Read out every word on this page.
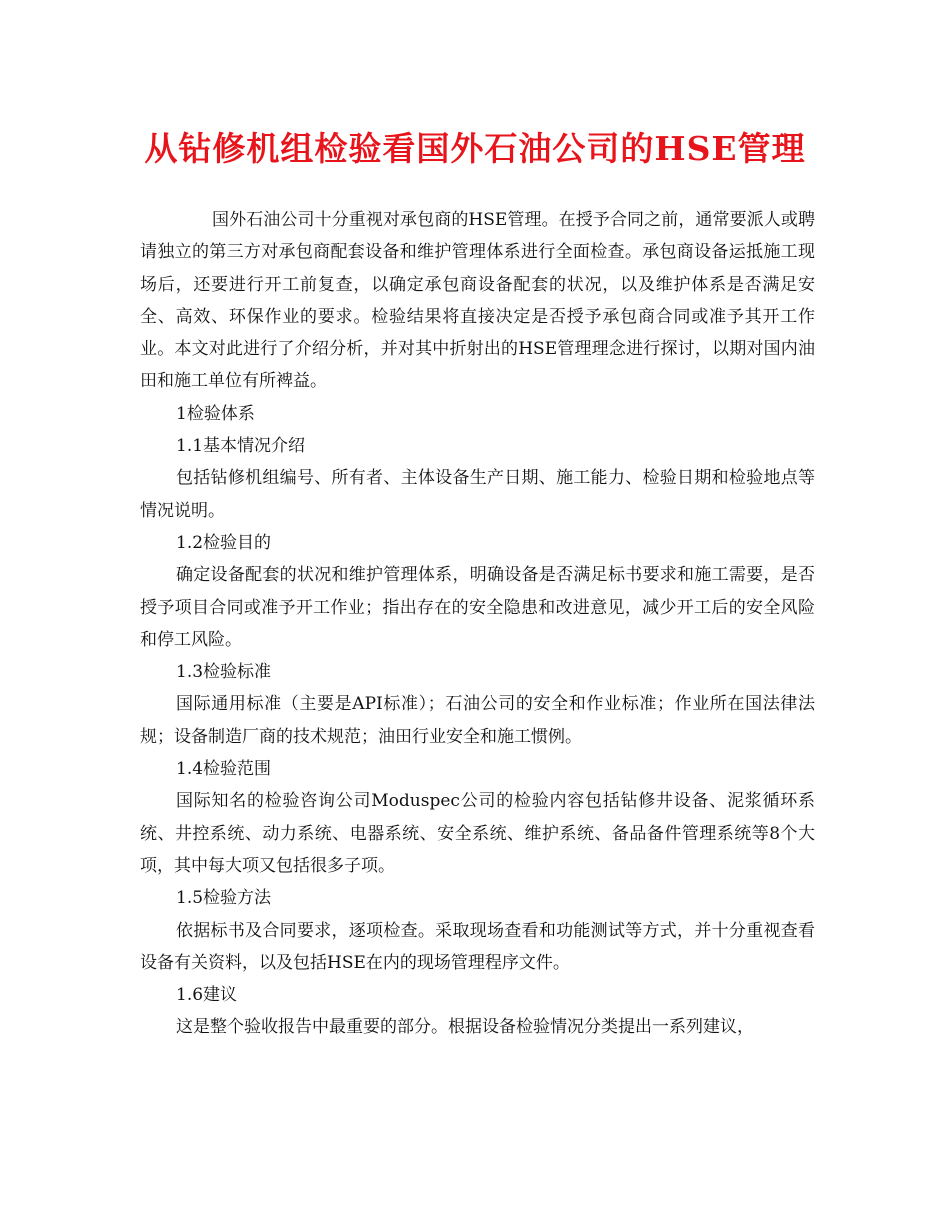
从钻修机组检验看国外石油公司的HSE管理

国外石油公司十分重视对承包商的HSE管理。在授予合同之前，通常要派人或聘请独立的第三方对承包商配套设备和维护管理体系进行全面检查。承包商设备运抵施工现场后，还要进行开工前复查，以确定承包商设备配套的状况，以及维护体系是否满足安全、高效、环保作业的要求。检验结果将直接决定是否授予承包商合同或准予其开工作业。本文对此进行了介绍分析，并对其中折射出的HSE管理理念进行探讨，以期对国内油田和施工单位有所裨益。

1检验体系

1.1基本情况介绍

包括钻修机组编号、所有者、主体设备生产日期、施工能力、检验日期和检验地点等情况说明。

1.2检验目的

确定设备配套的状况和维护管理体系，明确设备是否满足标书要求和施工需要，是否授予项目合同或准予开工作业；指出存在的安全隐患和改进意见，减少开工后的安全风险和停工风险。

1.3检验标准

国际通用标准（主要是API标准）；石油公司的安全和作业标准；作业所在国法律法规；设备制造厂商的技术规范；油田行业安全和施工惯例。

1.4检验范围

国际知名的检验咨询公司Moduspec公司的检验内容包括钻修井设备、泥浆循环系统、井控系统、动力系统、电器系统、安全系统、维护系统、备品备件管理系统等8个大项，其中每大项又包括很多子项。

1.5检验方法

依据标书及合同要求，逐项检查。采取现场查看和功能测试等方式，并十分重视查看设备有关资料，以及包括HSE在内的现场管理程序文件。

1.6建议

这是整个验收报告中最重要的部分。根据设备检验情况分类提出一系列建议，
